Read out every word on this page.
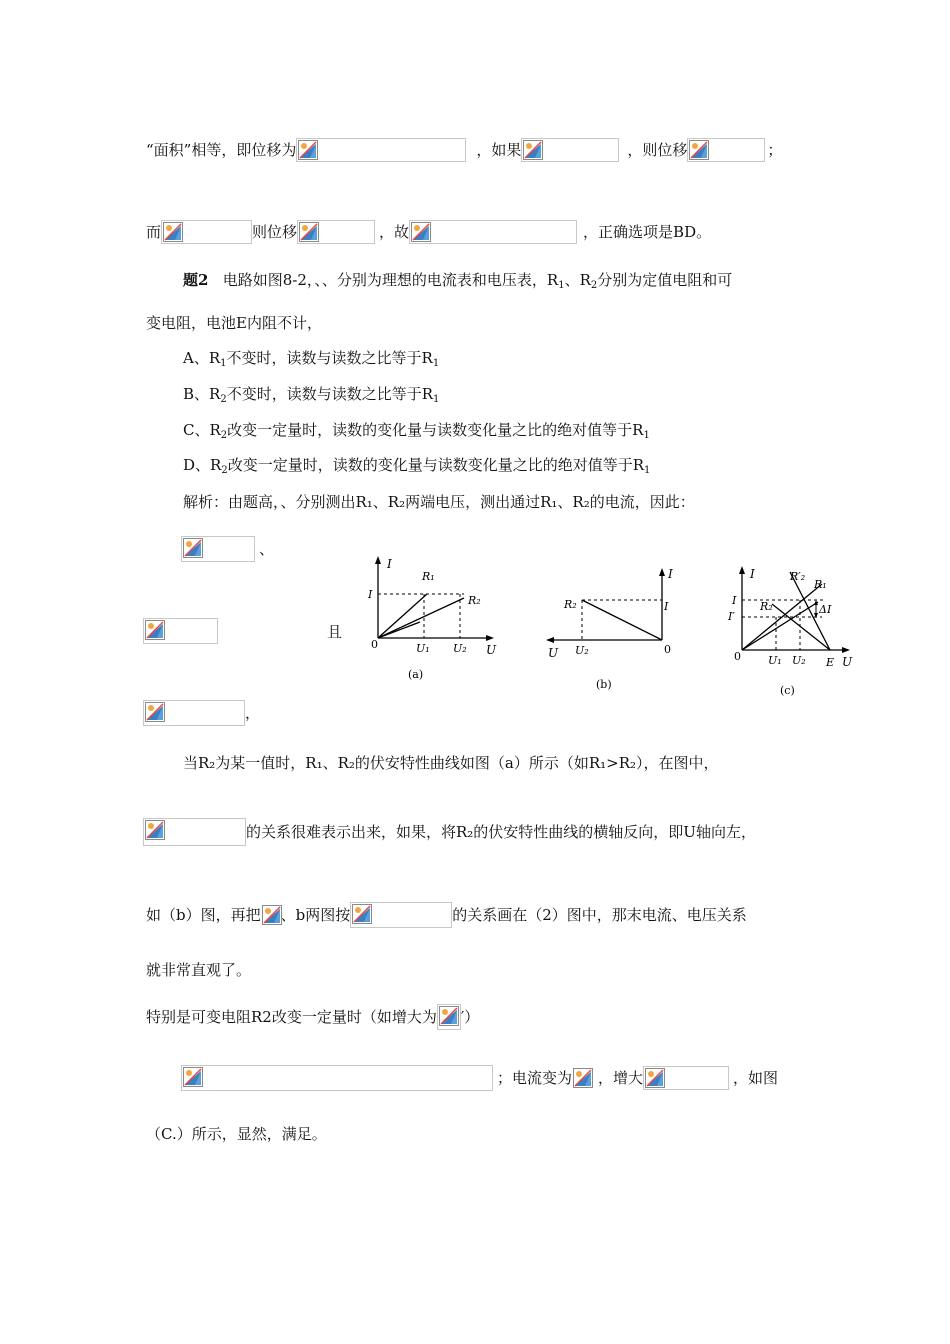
“面积”相等，即位移为	，如果	，则位移	；
而	则位移	，故	，正确选项是BD。
题2 电路如图8-2，、、分别为理想的电流表和电压表，$R_1$、$R_2$分别为定值电阻和可
变电阻，电池E内阻不计，
A、$R_1$不变时，读数与读数之比等于$R_1$
B、$R_2$不变时，读数与读数之比等于$R_1$
C、$R_2$改变一定量时，读数的变化量与读数变化量之比的绝对值等于$R_1$
D、$R_2$改变一定量时，读数的变化量与读数变化量之比的绝对值等于$R_1$
解析：由题高，、分别测出R₁、R₂两端电压，测出通过R₁、R₂的电流，因此：
、
且
，
I
U
0
I
R₁
R₂
U₁ U₂
(a)
I
U	0
I
R₂
U₂
(b)
I
U
0
I
I′
R₂
R′₂
R₁
ΔI
U₁ U₂ E
(c)
当R₂为某一值时，R₁、R₂的伏安特性曲线如图（a）所示（如R₁>R₂），在图中，
的关系很难表示出来，如果，将R₂的伏安特性曲线的横轴反向，即U轴向左，
如（b）图，再把 、b两图按	的关系画在（2）图中，那末电流、电压关系
就非常直观了。
特别是可变电阻R2改变一定量时（如增大为 ′）
；电流变为 ，增大	，如图
（C.）所示，显然，满足。
